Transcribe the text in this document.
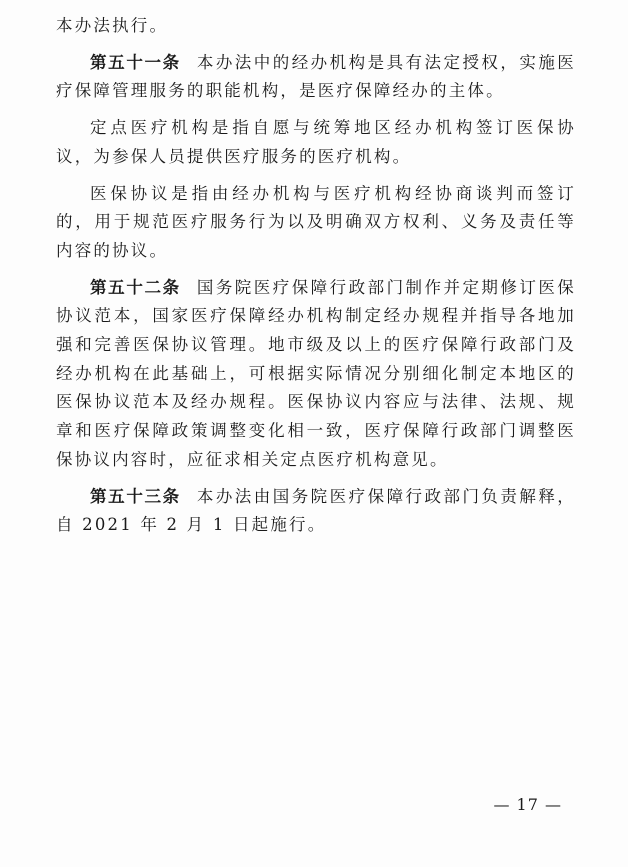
本办法执行。

第五十一条 本办法中的经办机构是具有法定授权，实施医疗保障管理服务的职能机构，是医疗保障经办的主体。

定点医疗机构是指自愿与统筹地区经办机构签订医保协议，为参保人员提供医疗服务的医疗机构。

医保协议是指由经办机构与医疗机构经协商谈判而签订的，用于规范医疗服务行为以及明确双方权利、义务及责任等内容的协议。

第五十二条 国务院医疗保障行政部门制作并定期修订医保协议范本，国家医疗保障经办机构制定经办规程并指导各地加强和完善医保协议管理。地市级及以上的医疗保障行政部门及经办机构在此基础上，可根据实际情况分别细化制定本地区的医保协议范本及经办规程。医保协议内容应与法律、法规、规章和医疗保障政策调整变化相一致，医疗保障行政部门调整医保协议内容时，应征求相关定点医疗机构意见。

第五十三条 本办法由国务院医疗保障行政部门负责解释，自 2021 年 2 月 1 日起施行。

— 17 —
